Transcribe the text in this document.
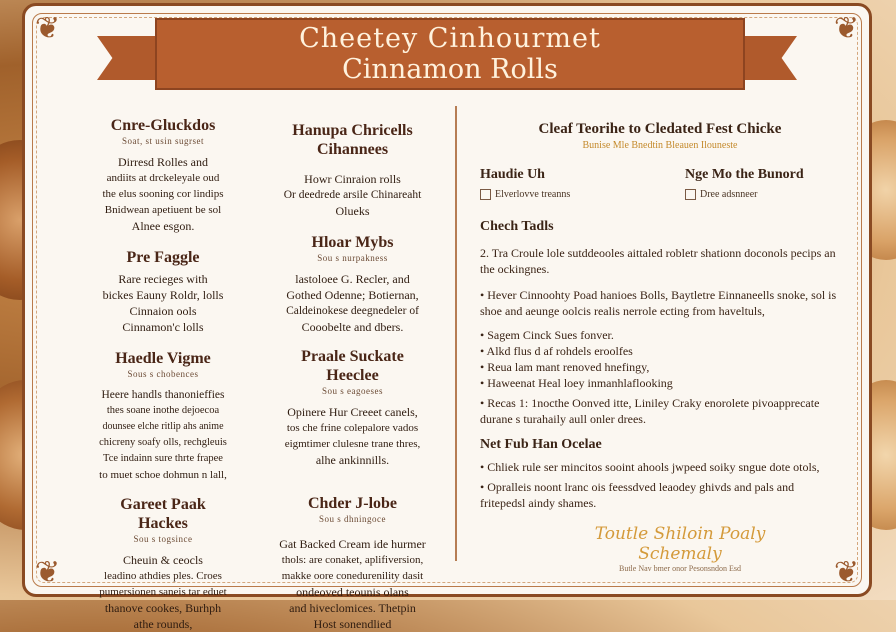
❦	❦
❦	❦
Cheetey Cinhourmet
Cinnamon Rolls

Cnre-Gluckdos

Soat, st usin sugrset

Dirresd Rolles and

andiits at drckeleyale oud

the elus sooning cor lindips

Bnidwean apetiuent be sol

Alnee esgon.

Pre Faggle

Rare recieges with

bickes Eauny Roldr, lolls

Cinnaion ools

Cinnamon'c lolls

Haedle Vigme

Sous s chobences

Heere handls thanonieffies

thes soane inothe dejoecoa

dounsee elche ritlip ahs anime

chicreny soafy olls, rechgleuis

Tce indainn sure thrte frapee

to muet schoe dohmun n lall,

Gareet Paak
Hackes

Sou s togsince

Cheuin & ceocls

leadino athdies ples. Croes

pumersionen saneis tar eduet

thanove cookes, Burhph

athe rounds,

Hanupa Chricells
Cihannees

Howr Cinraion rolls

Or deedrede arsile Chinareaht

Olueks

Hloar Mybs

Sou s nurpakness

lastoloee G. Recler, and

Gothed Odenne; Botiernan,

Caldeinokese deegnedeler of

Cooobelte and dbers.

Praale Suckate
Heeclee

Sou s eagoeses

Opinere Hur Creeet canels,

tos che frine colepalore vados

eigmtimer clulesne trane thres,

alhe ankinnills.

Chder J-lobe

Sou s dhningoce

Gat Backed Cream ide hurmer

thols: are conaket, aplifiversion,

makke oore conedurenility dasit

ondeoved teounis olans

and hiveclomices. Thetpin

Host sonendlied

Cleaf Teorihe to Cledated Fest Chicke

Bunise Mle Bnedtin Bleauen Ilouneste

Haudie Uh

Elverlovve treanns

Nge Mo the Bunord

Dree adsnneer

Chech Tadls

2. Tra Croule lole sutddeooles aittaled robletr shationn doconols pecips an the ockingnes.

• Hever Cinnoohty Poad hanioes Bolls, Baytletre Einnaneells snoke, sol is shoe and aeunge oolcis realis nerrole ecting from haveltuls,

• Sagem Cinck Sues fonver.

• Alkd flus d af rohdels eroolfes

• Reua lam mant renoved hnefingy,

• Haweenat Heal loey inmanhlaflooking

• Recas 1: 1nocthe Oonved itte, Liniley Craky enorolete pivoapprecate durane s turahaily aull onler drees.

Net Fub Han Ocelae

• Chliek rule ser mincitos sooint ahools jwpeed soiky sngue dote otols,

• Opralleis noont lranc ois feessdved leaodey ghivds and pals and fritepedsl aindy shames.

Toutle Shiloin Poaly Schemaly
Butle Nav bmer onor Pesonsndon Esd
